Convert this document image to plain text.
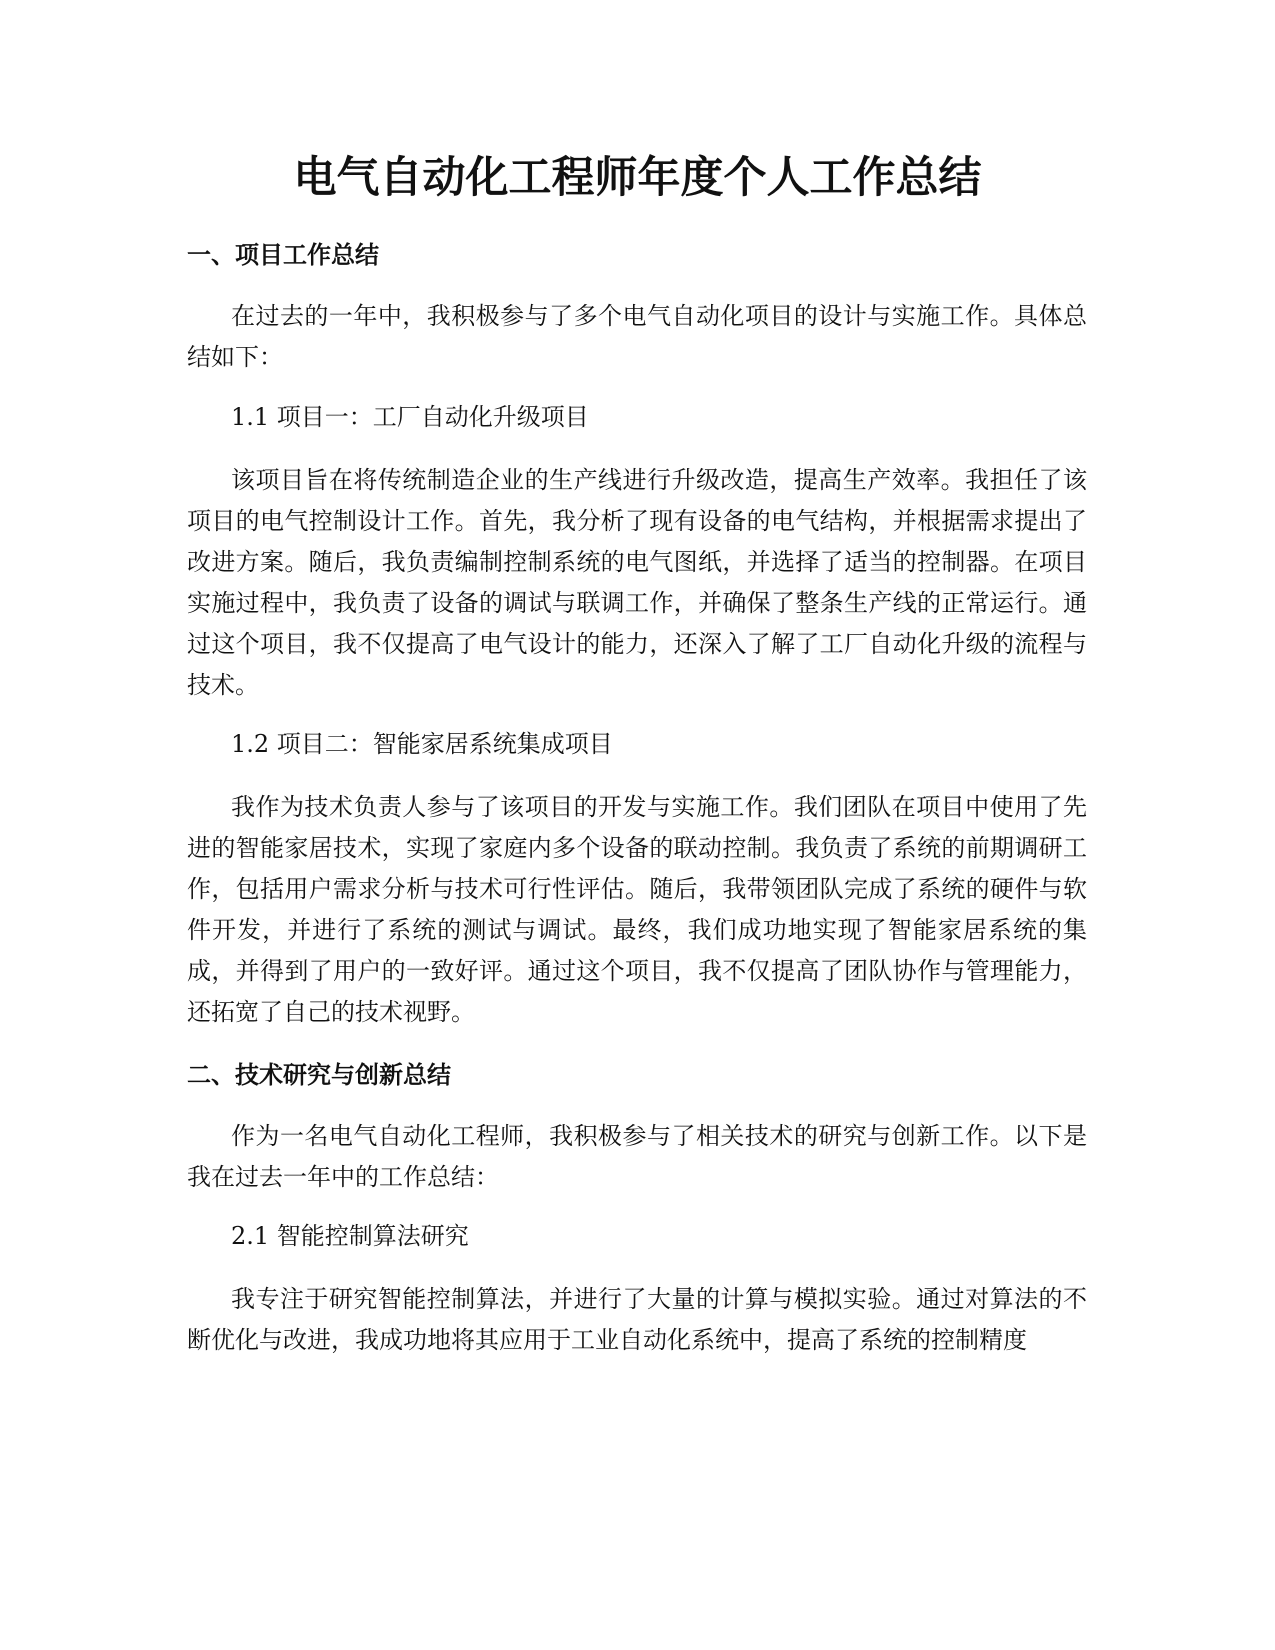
电气自动化工程师年度个人工作总结
一、项目工作总结

在过去的一年中，我积极参与了多个电气自动化项目的设计与实施工作。具体总结如下：

1.1 项目一：工厂自动化升级项目

该项目旨在将传统制造企业的生产线进行升级改造，提高生产效率。我担任了该项目的电气控制设计工作。首先，我分析了现有设备的电气结构，并根据需求提出了改进方案。随后，我负责编制控制系统的电气图纸，并选择了适当的控制器。在项目实施过程中，我负责了设备的调试与联调工作，并确保了整条生产线的正常运行。通过这个项目，我不仅提高了电气设计的能力，还深入了解了工厂自动化升级的流程与技术。

1.2 项目二：智能家居系统集成项目

我作为技术负责人参与了该项目的开发与实施工作。我们团队在项目中使用了先进的智能家居技术，实现了家庭内多个设备的联动控制。我负责了系统的前期调研工作，包括用户需求分析与技术可行性评估。随后，我带领团队完成了系统的硬件与软件开发，并进行了系统的测试与调试。最终，我们成功地实现了智能家居系统的集成，并得到了用户的一致好评。通过这个项目，我不仅提高了团队协作与管理能力，还拓宽了自己的技术视野。

二、技术研究与创新总结

作为一名电气自动化工程师，我积极参与了相关技术的研究与创新工作。以下是我在过去一年中的工作总结：

2.1 智能控制算法研究

我专注于研究智能控制算法，并进行了大量的计算与模拟实验。通过对算法的不断优化与改进，我成功地将其应用于工业自动化系统中，提高了系统的控制精度
